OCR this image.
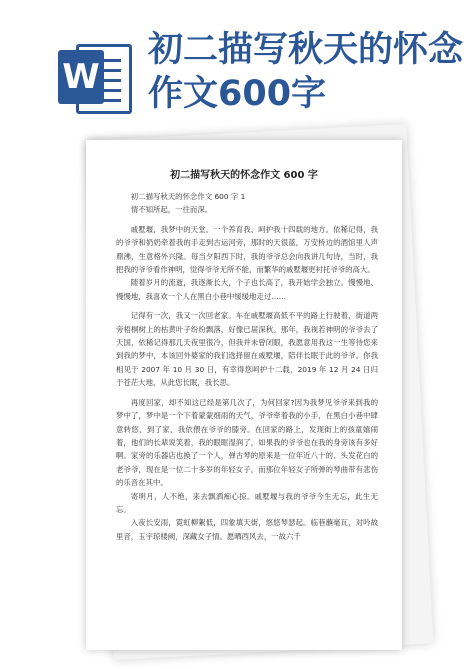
W
初二描写秋天的怀念作文600字
初二描写秋天的怀念作文 600 字

初二描写秋天的怀念作文 600 字 1

情不知所起，一往而深。

戚墅堰，我梦中的天堂。一个养育我、呵护我十四载的地方。依稀记得，我的爷爷和奶奶牵着我的手走到古运河旁，那时的天很蓝，万安桥边的酒馆里人声鼎沸，生意格外兴隆。每当夕阳西下时，我的爷爷总会向我讲几句诗，当时，我把我的爷爷看作神明，觉得爷爷无所不能，而繁华的戚墅堰更衬托爷爷的高大。

随着岁月的流逝，我逐渐长大，个子也长高了，我开始学会独立。慢慢地、慢慢地，我喜欢一个人在黑白小巷中缓缓地走过……

记得有一次，我又一次回老家。车在戚墅堰高低不平的路上行驶着，街道两旁梧桐树上的枯黄叶子纷纷飘落，好像已届深秋。那年，我视若神明的爷爷去了天国，依稀记得那几天夜里很冷，但我并未曾闭眼，我愿意用我这一生等待您来到我的梦中，本该回外婆家的我们选择留在戚墅堰，陪伴长眠于此的爷爷。你我相见于 2007 年 10 月 30 日，有幸得您呵护十二载，2019 年 12 月 24 日归于苍茫大地，从此您长眠，我长思。

再度回家，却不知这已经是第几次了，为何回家?因为我梦见爷爷来到我的梦中了，梦中是一个下着蒙蒙细雨的天气，爷爷牵着我的小手，在黑白小巷中肆意转悠，到了家，我依偎在爷爷的膝旁。在回家的路上，发现街上的孩童嬉闹着，他们的长辈说笑着，我的眼眶湿润了，如果我的爷爷也在我的身旁该有多好啊。家旁的乐器店也换了一个人，弹古琴的原来是一位年近八十的、头发花白的老爷爷，现在是一位二十多岁的年轻女子，而那位年轻女子所弹的琴曲带有悲伤的乐音在其中。

寄明月，人不绝，来去飘洒痴心掠。戚墅堰与我的爷爷今生无忘，此生无忘。

入夜长安雨，霓虹柳絮低，四象填天街，悠悠琴瑟起。临巷蘸毫瓦，对吟故里音，玉宇琼楼阙，深藏女子情。愿晒西风去，一故六千
